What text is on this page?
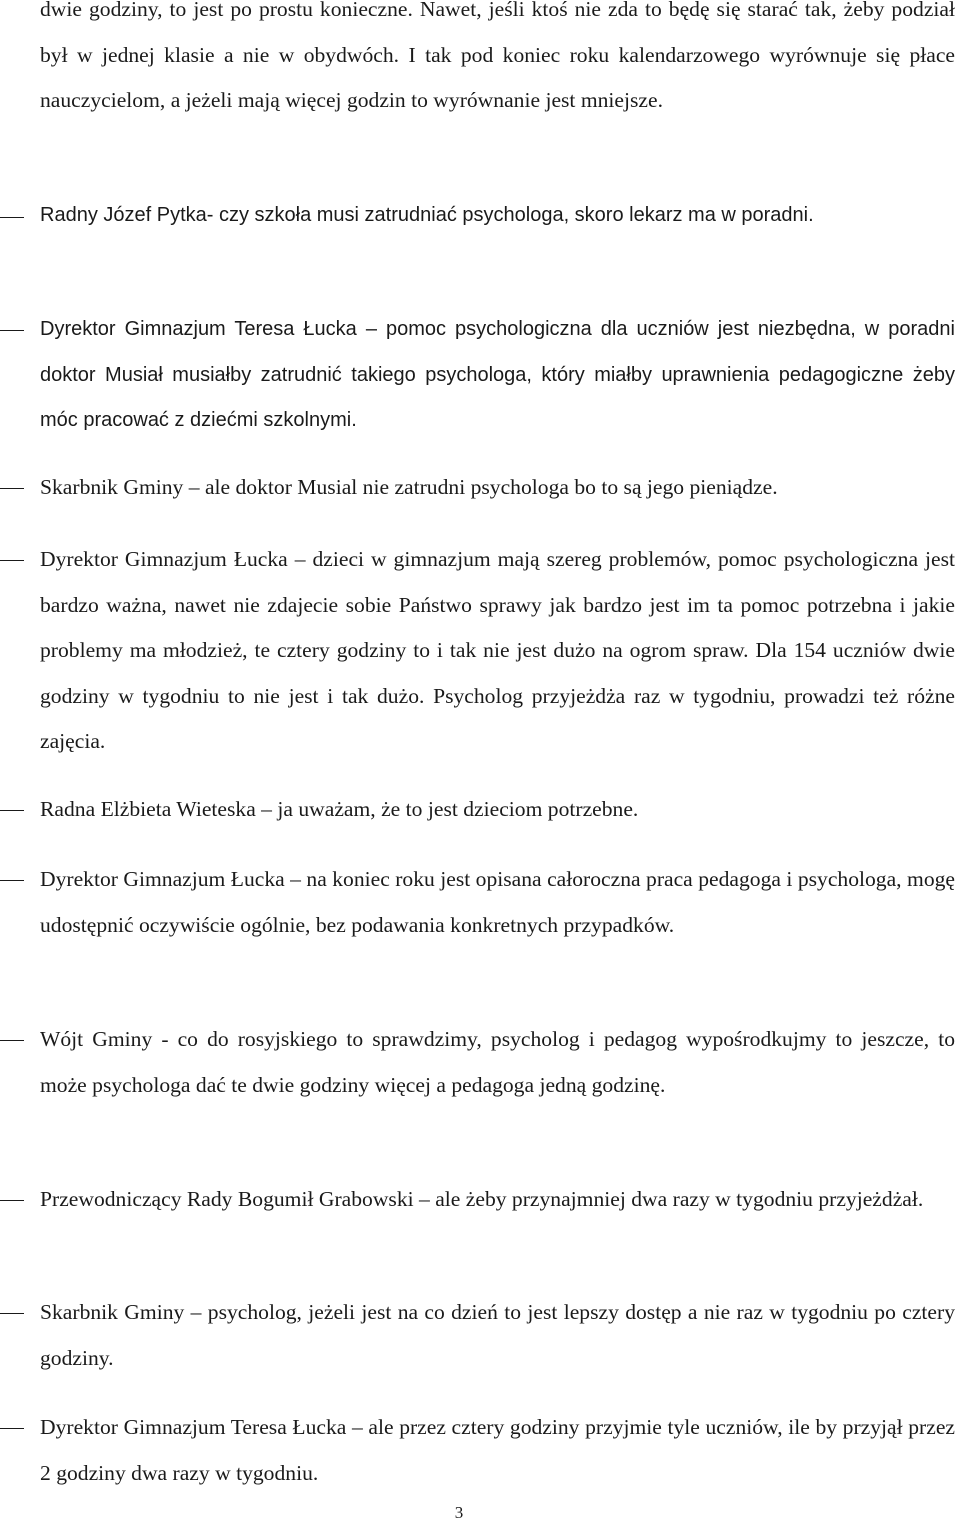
dwie godziny, to jest po prostu konieczne. Nawet, jeśli ktoś nie zda to będę się starać tak, żeby podział był w jednej klasie a nie w obydwóch. I tak pod koniec roku kalendarzowego wyrównuje się płace nauczycielom, a jeżeli mają więcej godzin to wyrównanie jest mniejsze.

Radny Józef Pytka- czy szkoła musi zatrudniać psychologa, skoro lekarz ma w poradni.

Dyrektor Gimnazjum Teresa Łucka – pomoc psychologiczna dla uczniów jest niezbędna, w poradni doktor Musiał musiałby zatrudnić takiego psychologa, który miałby uprawnienia pedagogiczne żeby móc pracować z dziećmi szkolnymi.

Skarbnik Gminy – ale doktor Musial nie zatrudni psychologa bo to są jego pieniądze.

Dyrektor Gimnazjum Łucka – dzieci w gimnazjum mają szereg problemów, pomoc psychologiczna jest bardzo ważna, nawet nie zdajecie sobie Państwo sprawy jak bardzo jest im ta pomoc potrzebna i jakie problemy ma młodzież, te cztery godziny to i tak nie jest dużo na ogrom spraw. Dla 154 uczniów dwie godziny w tygodniu to nie jest i tak dużo. Psycholog przyjeżdża raz w tygodniu, prowadzi też różne zajęcia.

Radna Elżbieta Wieteska – ja uważam, że to jest dzieciom potrzebne.

Dyrektor Gimnazjum Łucka – na koniec roku jest opisana całoroczna praca pedagoga i psychologa, mogę udostępnić oczywiście ogólnie, bez podawania konkretnych przypadków.

Wójt Gminy - co do rosyjskiego to sprawdzimy, psycholog i pedagog wypośrodkujmy to jeszcze, to może psychologa dać te dwie godziny więcej a pedagoga jedną godzinę.

Przewodniczący Rady Bogumił Grabowski – ale żeby przynajmniej dwa razy w tygodniu przyjeżdżał.

Skarbnik Gminy – psycholog, jeżeli jest na co dzień to jest lepszy dostęp a nie raz w tygodniu po cztery godziny.

Dyrektor Gimnazjum Teresa Łucka – ale przez cztery godziny przyjmie tyle uczniów, ile by przyjął przez 2 godziny dwa razy w tygodniu.

3
